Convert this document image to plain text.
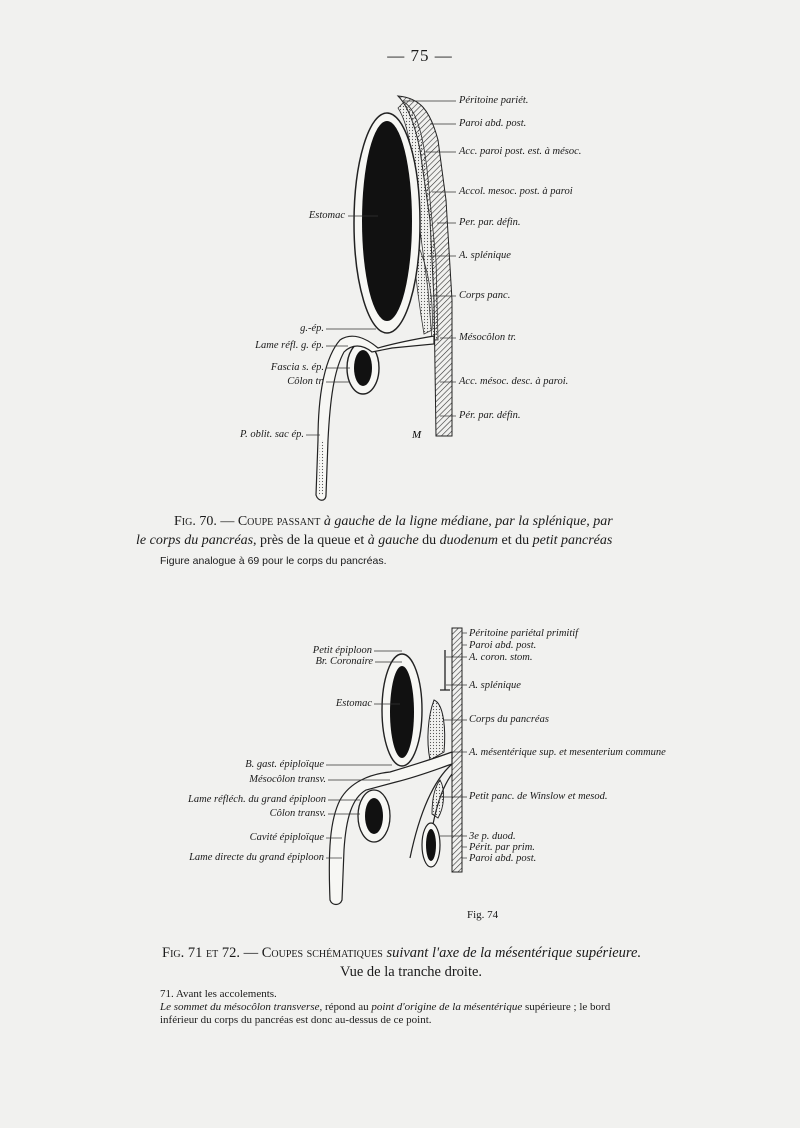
— 75 —
M
Péritoine pariét.
Paroi abd. post.
Acc. paroi post. est. à mésoc.
Accol. mesoc. post. à paroi
Per. par. défin.
A. splénique
Corps panc.
Mésocôlon tr.
Acc. mésoc. desc. à paroi.
Pér. par. défin.
Estomac
g.-ép.
Lame réfl. g. ép.
Fascia s. ép.
Côlon tr.
P. oblit. sac ép.
Fig. 70. — Coupe passant à gauche de la ligne médiane, par la splénique, par
le corps du pancréas, près de la queue et à gauche du duodenum et du petit pancréas
Figure analogue à 69 pour le corps du pancréas.
Péritoine pariétal primitif
Paroi abd. post.
A. coron. stom.
A. splénique
Corps du pancréas
A. mésentérique sup. et mesenterium commune
Petit panc. de Winslow et mesod.
3e p. duod.
Périt. par prim.
Paroi abd. post.
Petit épiploon
Br. Coronaire
Estomac
B. gast. épiploïque
Mésocôlon transv.
Lame réfléch. du grand épiploon
Côlon transv.
Cavité épiploïque
Lame directe du grand épiploon
Fig. 74
Fig. 71 et 72. — Coupes schématiques suivant l'axe de la mésentérique supérieure.
Vue de la tranche droite.
71. Avant les accolements.
Le sommet du mésocôlon transverse, répond au point d'origine de la mésentérique supérieure ; le bord
inférieur du corps du pancréas est donc au-dessus de ce point.
